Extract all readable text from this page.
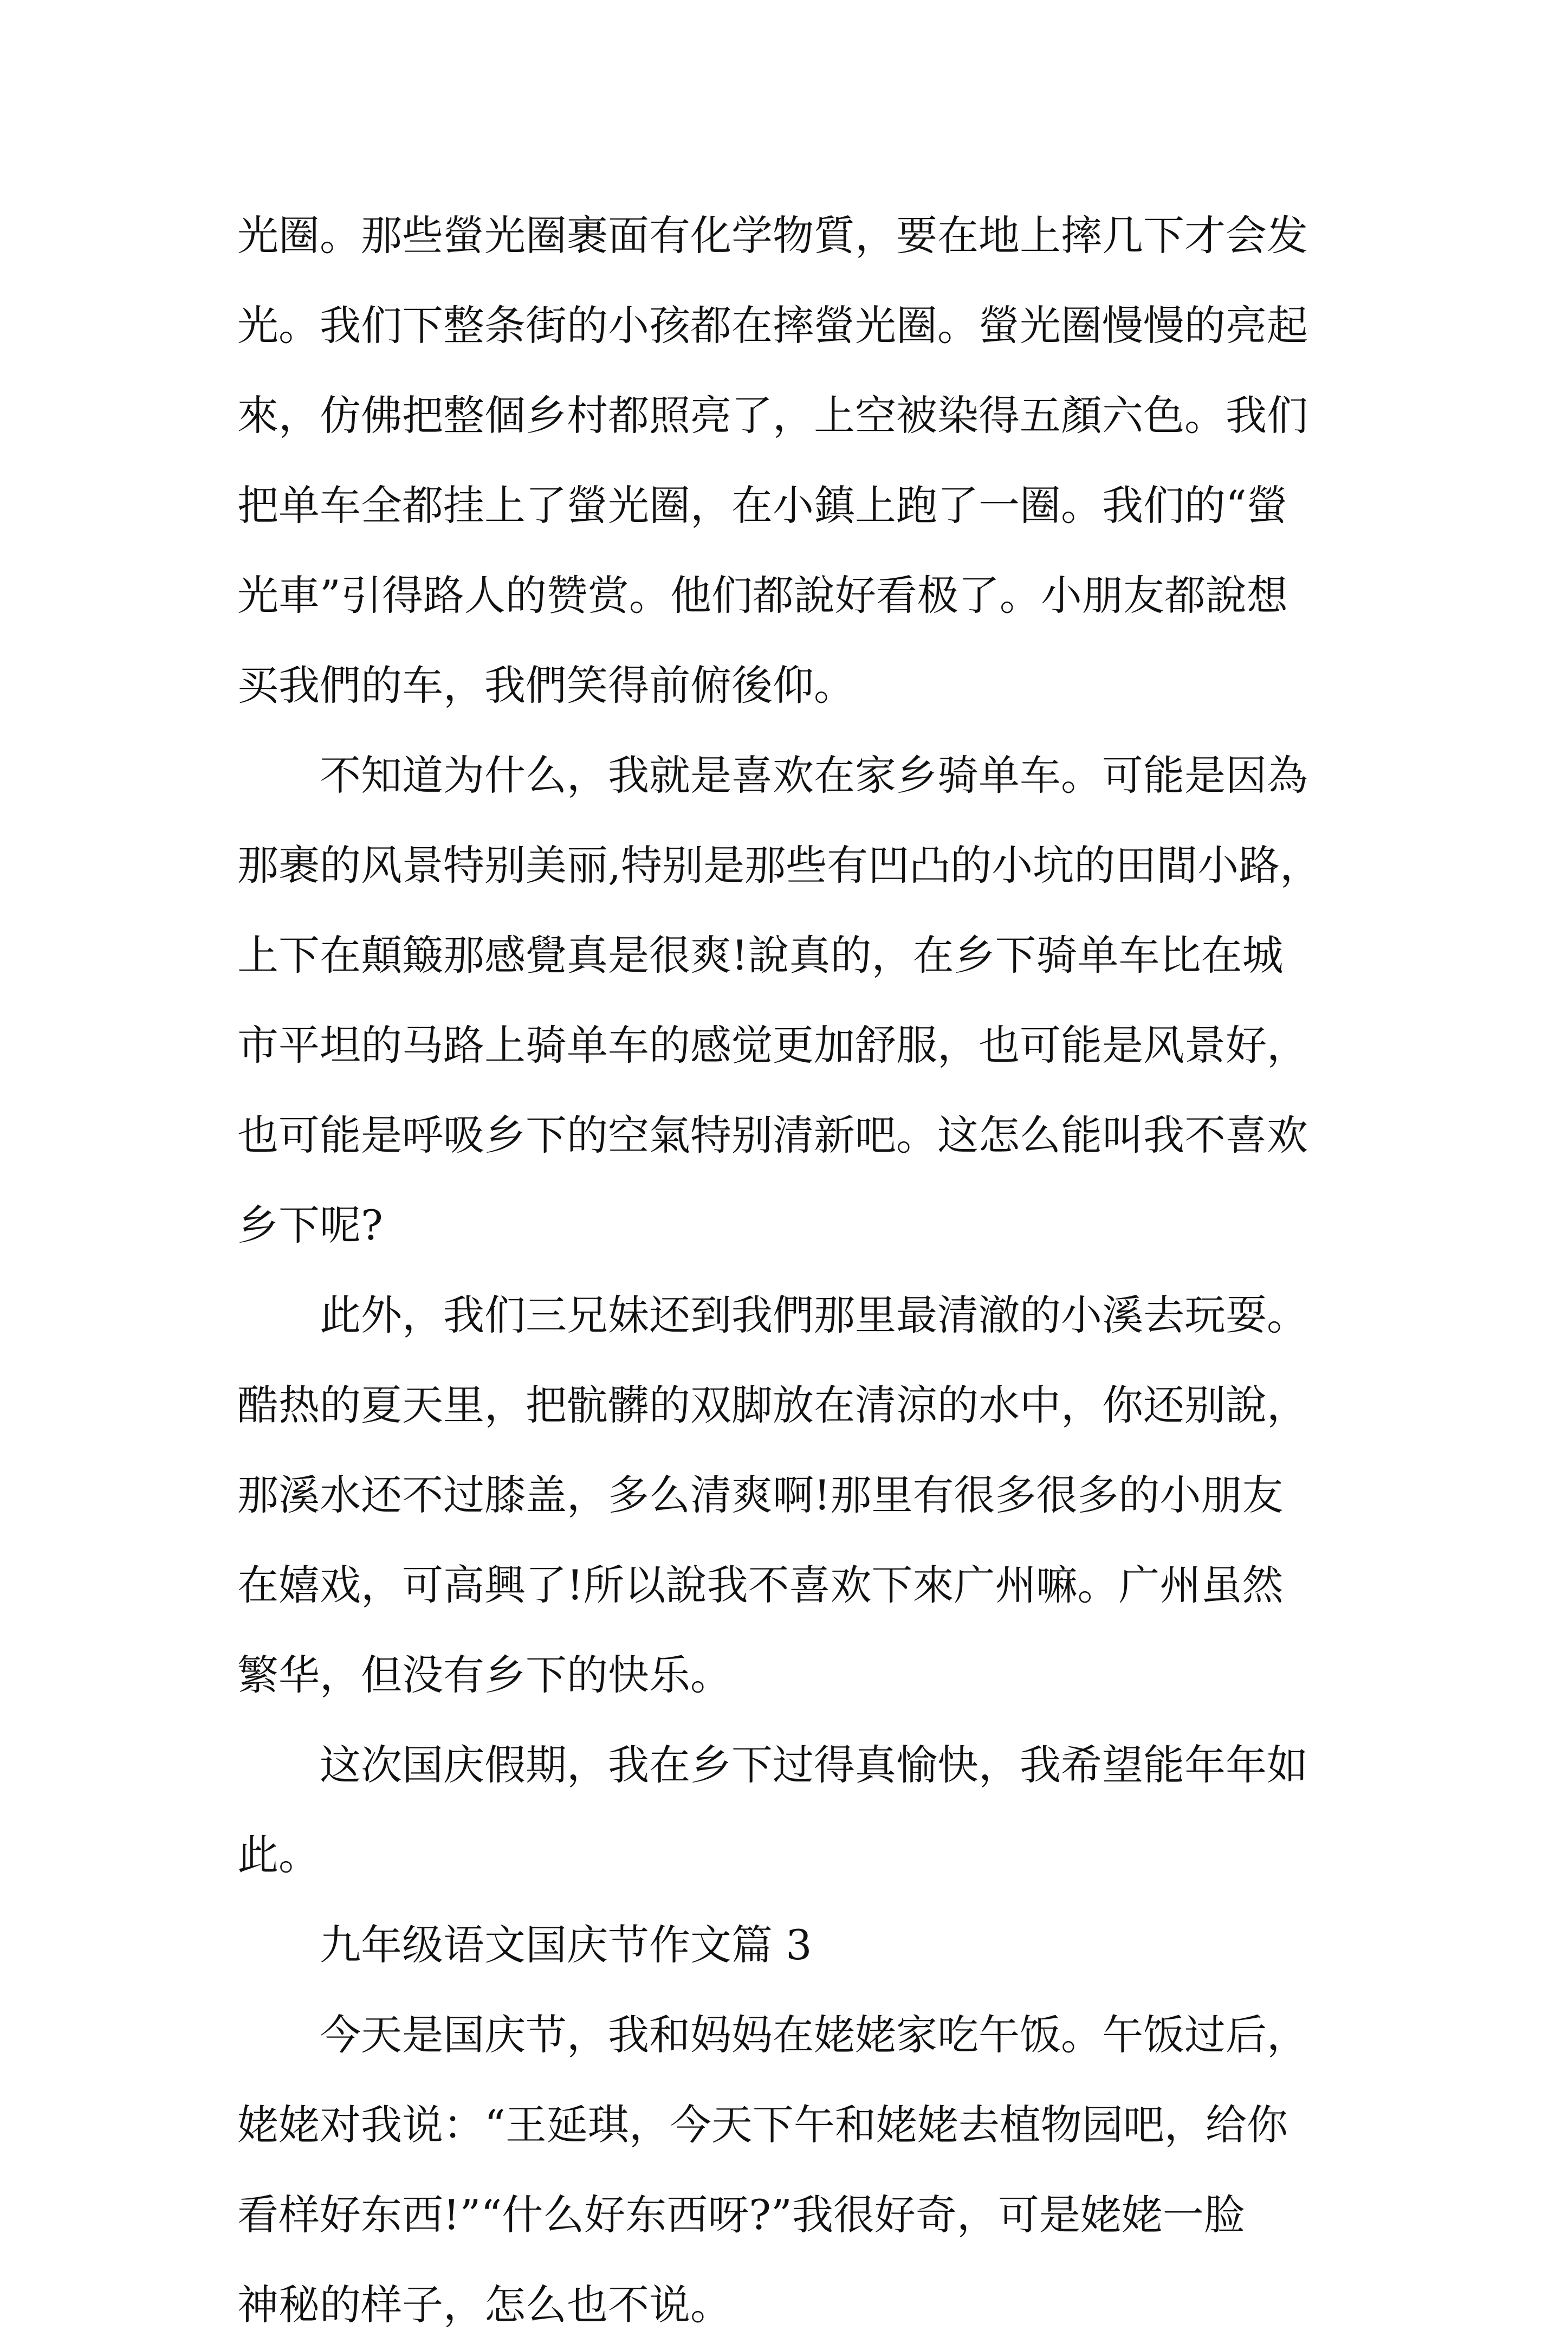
光圈。那些螢光圈裹面有化学物質，要在地上摔几下才会发
光。我们下整条街的小孩都在摔螢光圈。螢光圈慢慢的亮起
來，仿佛把整個乡村都照亮了，上空被染得五顏六色。我们
把单车全都挂上了螢光圈，在小鎮上跑了一圈。我们的“螢
光車”引得路人的赞赏。他们都說好看极了。小朋友都說想
买我們的车，我們笑得前俯後仰。

不知道为什么，我就是喜欢在家乡骑单车。可能是因為
那裹的风景特别美丽,特别是那些有凹凸的小坑的田間小路，
上下在顛簸那感覺真是很爽!說真的，在乡下骑单车比在城
市平坦的马路上骑单车的感觉更加舒服，也可能是风景好，
也可能是呼吸乡下的空氣特别清新吧。这怎么能叫我不喜欢
乡下呢?

此外，我们三兄妹还到我們那里最清澈的小溪去玩耍。
酷热的夏天里，把骯髒的双脚放在清涼的水中，你还别說，
那溪水还不过膝盖，多么清爽啊!那里有很多很多的小朋友
在嬉戏，可高興了!所以說我不喜欢下來广州嘛。广州虽然
繁华，但没有乡下的快乐。

这次国庆假期，我在乡下过得真愉快，我希望能年年如
此。

九年级语文国庆节作文篇 3

今天是国庆节，我和妈妈在姥姥家吃午饭。午饭过后，
姥姥对我说：“王延琪，今天下午和姥姥去植物园吧，给你
看样好东西!”“什么好东西呀?”我很好奇，可是姥姥一脸
神秘的样子，怎么也不说。
